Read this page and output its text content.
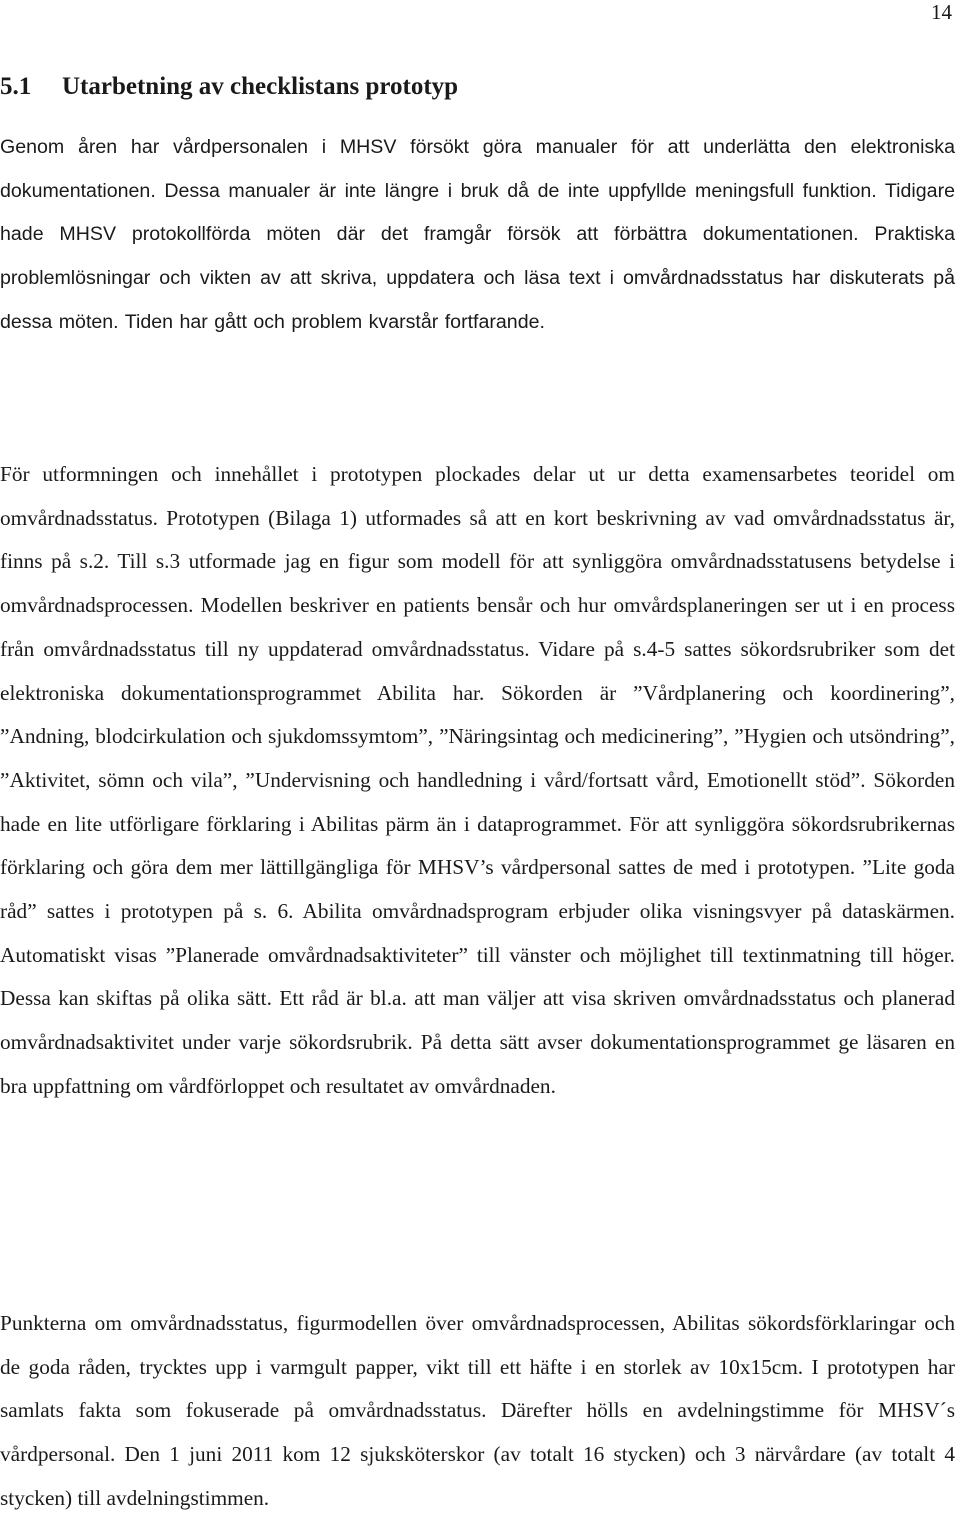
14
5.1 Utarbetning av checklistans prototyp

Genom åren har vårdpersonalen i MHSV försökt göra manualer för att underlätta den elektroniska dokumentationen. Dessa manualer är inte längre i bruk då de inte uppfyllde meningsfull funktion. Tidigare hade MHSV protokollförda möten där det framgår försök att förbättra dokumentationen. Praktiska problemlösningar och vikten av att skriva, uppdatera och läsa text i omvårdnadsstatus har diskuterats på dessa möten. Tiden har gått och problem kvarstår fortfarande.

För utformningen och innehållet i prototypen plockades delar ut ur detta examensarbetes teoridel om omvårdnadsstatus. Prototypen (Bilaga 1) utformades så att en kort beskrivning av vad omvårdnadsstatus är, finns på s.2. Till s.3 utformade jag en figur som modell för att synliggöra omvårdnadsstatusens betydelse i omvårdnadsprocessen. Modellen beskriver en patients bensår och hur omvårdsplaneringen ser ut i en process från omvårdnadsstatus till ny uppdaterad omvårdnadsstatus. Vidare på s.4-5 sattes sökordsrubriker som det elektroniska dokumentationsprogrammet Abilita har. Sökorden är ”Vårdplanering och koordinering”, ”Andning, blodcirkulation och sjukdomssymtom”, ”Näringsintag och medicinering”, ”Hygien och utsöndring”, ”Aktivitet, sömn och vila”, ”Undervisning och handledning i vård/fortsatt vård, Emotionellt stöd”. Sökorden hade en lite utförligare förklaring i Abilitas pärm än i dataprogrammet. För att synliggöra sökordsrubrikernas förklaring och göra dem mer lättillgängliga för MHSV’s vårdpersonal sattes de med i prototypen. ”Lite goda råd” sattes i prototypen på s. 6. Abilita omvårdnadsprogram erbjuder olika visningsvyer på dataskärmen. Automatiskt visas ”Planerade omvårdnadsaktiviteter” till vänster och möjlighet till textinmatning till höger. Dessa kan skiftas på olika sätt. Ett råd är bl.a. att man väljer att visa skriven omvårdnadsstatus och planerad omvårdnadsaktivitet under varje sökordsrubrik. På detta sätt avser dokumentationsprogrammet ge läsaren en bra uppfattning om vårdförloppet och resultatet av omvårdnaden.

Punkterna om omvårdnadsstatus, figurmodellen över omvårdnadsprocessen, Abilitas sökordsförklaringar och de goda råden, trycktes upp i varmgult papper, vikt till ett häfte i en storlek av 10x15cm. I prototypen har samlats fakta som fokuserade på omvårdnadsstatus. Därefter hölls en avdelningstimme för MHSV´s vårdpersonal. Den 1 juni 2011 kom 12 sjuksköterskor (av totalt 16 stycken) och 3 närvårdare (av totalt 4 stycken) till avdelningstimmen.
